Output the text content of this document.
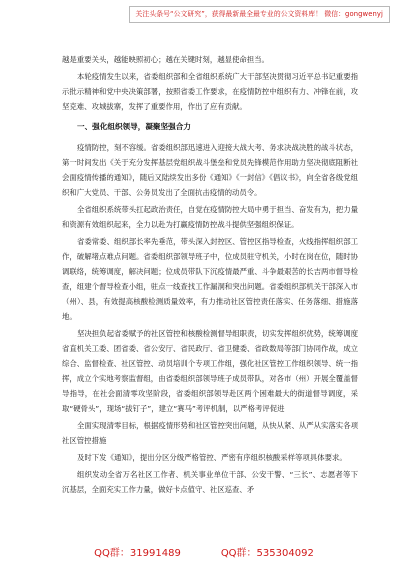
关注头条号“公文研究”，获得最新最全最专业的公文资料库！ 微信：gongwenyj

越是重要关头，越能映照初心；越在关键时刻，越显使命担当。

本轮疫情发生以来，省委组织部和全省组织系统广大干部坚决贯彻习近平总书记重要指示批示精神和党中央决策部署，按照省委工作要求，在疫情防控中组织有力、冲锋在前，攻坚克难、攻城拔寨，发挥了重要作用，作出了应有贡献。

一、强化组织领导，凝聚坚强合力

疫情防控，刻不容缓。省委组织部迅速进入迎接大战大考、务求决战决胜的战斗状态，第一时间发出《关于充分发挥基层党组织战斗堡垒和党员先锋模范作用助力坚决彻底阻断社会面疫情传播的通知》，随后又陆续发出多份《通知》《一封信》《倡议书》，向全省各级党组织和广大党员、干部、公务员发出了全面抗击疫情的动员令。

全省组织系统带头扛起政治责任，自觉在疫情防控大局中勇于担当、奋发有为，把力量和资源有效组织起来，全力以赴为打赢疫情防控战斗提供坚强组织保证。

省委常委、组织部长率先垂范，带头深入封控区、管控区指导检查，火线指挥组织部工作，破解堵点难点问题。省委组织部领导班子中，位成员驻守机关，小时在岗在位，随时协调联络，统筹调度，解决问题；位成员带队下沉疫情最严重、斗争最艰苦的长吉两市督导检查，组建个督导检查小组，驻点一线查找工作漏洞和突出问题。省委组织部机关干部深入市（州）、县，有效提高核酸检测质量效率，有力推动社区管控责任落实、任务落细、措施落地。

坚决担负起省委赋予的社区管控和核酸检测督导组职责，切实发挥组织优势，统筹调度省直机关工委、团省委、省公安厅、省民政厅、省卫健委、省政数局等部门协同作战，成立综合、监督检查、社区管控、动员培训个专项工作组，强化社区管控工作组织领导、统一指挥，成立个实地考察监督组，由省委组织部领导班子成员带队，对各市（州）开展全覆盖督导指导，在社会面清零攻坚阶段，省委组织部领导赴区两个困难最大的街道督导调度，采取“硬骨头”，现场“拔钉子”，建立“赛马”考评机制，以严格考评促进

全面实现清零目标，根据疫情形势和社区管控突出问题，从快从紧、从严从实落实各项社区管控措施

及时下发《通知》，提出分区分级严格管控、严密有序组织核酸采样等项具体要求。

组织发动全省万名社区工作者、机关事业单位干部、公安干警、“三长”、志愿者等下沉基层，全面充实工作力量，做好卡点值守、社区巡查、矛

QQ群：31991489	QQ群：535304092
